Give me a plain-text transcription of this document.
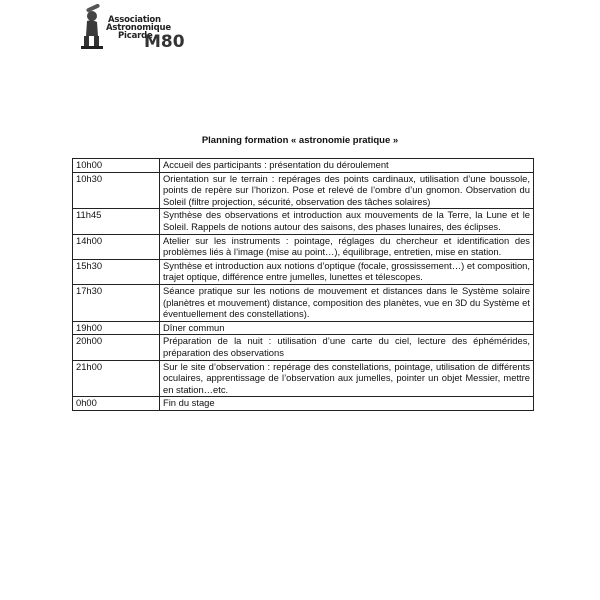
Association
Astronomique
Picarde
M80
Planning formation « astronomie pratique »
10h00	Accueil des participants : présentation du déroulement
10h30	Orientation sur le terrain : repérages des points cardinaux, utilisation d’une boussole, points de repère sur l’horizon. Pose et relevé de l’ombre d’un gnomon. Observation du Soleil (filtre projection, sécurité, observation des tâches solaires)
11h45	Synthèse des observations et introduction aux mouvements de la Terre, la Lune et le Soleil. Rappels de notions autour des saisons, des phases lunaires, des éclipses.
14h00	Atelier sur les instruments : pointage, réglages du chercheur et identification des problèmes liés à l’image (mise au point…), équilibrage, entretien, mise en station.
15h30	Synthèse et introduction aux notions d’optique (focale, grossissement…) et composition, trajet optique, différence entre jumelles, lunettes et télescopes.
17h30	Séance pratique sur les notions de mouvement et distances dans le Système solaire (planètres et mouvement) distance, composition des planètes, vue en 3D du Système et éventuellement des constellations).
19h00	Dîner commun
20h00	Préparation de la nuit : utilisation d’une carte du ciel, lecture des éphémérides, préparation des observations
21h00	Sur le site d’observation : repérage des constellations, pointage, utilisation de différents oculaires, apprentissage de l’observation aux jumelles, pointer un objet Messier, mettre en station…etc.
0h00	Fin du stage
